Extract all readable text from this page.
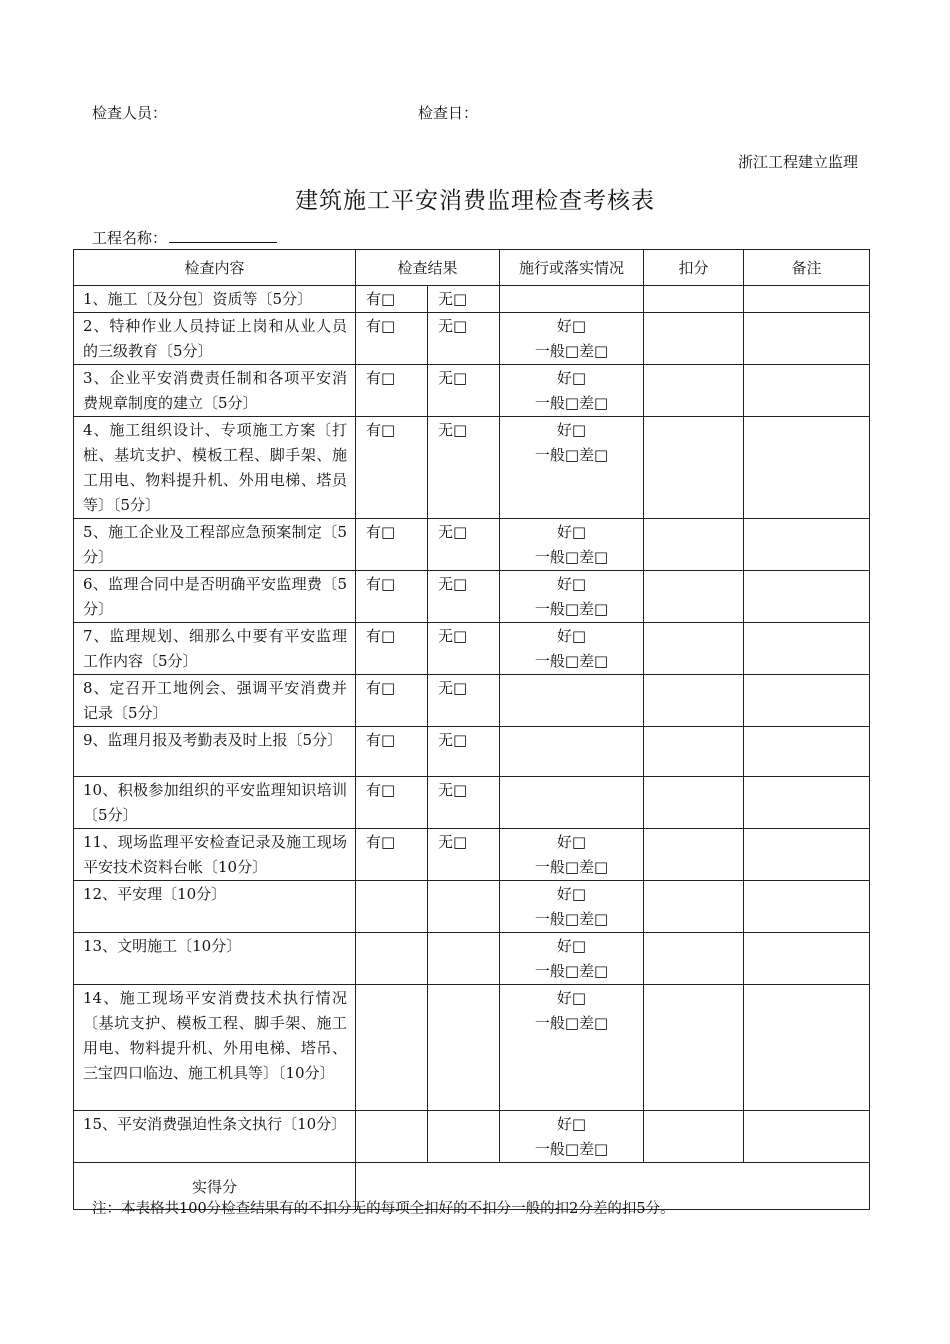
检查人员：	检查日：
浙江工程建立监理
建筑施工平安消费监理检查考核表
工程名称：
检查内容	检查结果		施行或落实情况	扣分	备注
1、施工〔及分包〕资质等〔5分〕	有□	无□	

2、特种作业人员持证上岗和从业人员的三级教育〔5分〕	有□	无□	好□
一般□差□		

3、企业平安消费责任制和各项平安消费规章制度的建立〔5分〕	有□	无□	好□
一般□差□		

4、施工组织设计、专项施工方案〔打桩、基坑支护、模板工程、脚手架、施工用电、物料提升机、外用电梯、塔员等〕〔5分〕	有□	无□	好□
一般□差□		

5、施工企业及工程部应急预案制定〔5分〕	有□	无□	好□
一般□差□		

6、监理合同中是否明确平安监理费〔5分〕	有□	无□	好□
一般□差□		

7、监理规划、细那么中要有平安监理工作内容〔5分〕	有□	无□	好□
一般□差□		

8、定召开工地例会、强调平安消费并记录〔5分〕	有□	无□	

9、监理月报及考勤表及时上报〔5分〕	有□	无□	

10、积极参加组织的平安监理知识培训〔5分〕	有□	无□	

11、现场监理平安检查记录及施工现场平安技术资料台帐〔10分〕	有□	无□	好□
一般□差□		

12、平安理〔10分〕			好□
一般□差□		

13、文明施工〔10分〕			好□
一般□差□		

14、施工现场平安消费技术执行情况〔基坑支护、模板工程、脚手架、施工用电、物料提升机、外用电梯、塔吊、三宝四口临边、施工机具等〕〔10分〕			好□
一般□差□		

15、平安消费强迫性条文执行〔10分〕			好□
一般□差□		

实得分					
注：本表格共100分检查结果有的不扣分无的每项全扣好的不扣分一般的扣2分差的扣5分。
